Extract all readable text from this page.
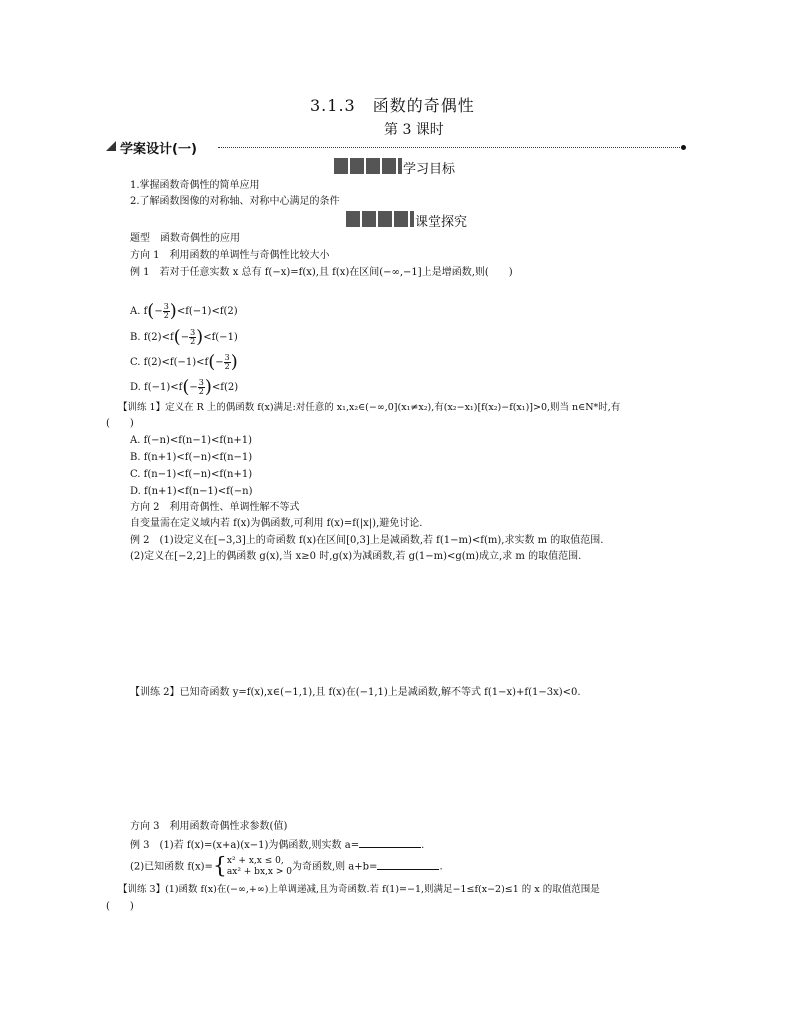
3.1.3　函数的奇偶性
第 3 课时
学案设计(一)
学习目标
1.掌握函数奇偶性的简单应用
2.了解函数图像的对称轴、对称中心满足的条件
课堂探究
题型　函数奇偶性的应用
方向 1　利用函数的单调性与奇偶性比较大小
例 1　若对于任意实数 x 总有 f(−x)=f(x),且 f(x)在区间(−∞,−1]上是增函数,则(　　)
A. $f(- \frac{3}{2} )<f(-1)<f(2)$
B. $f(2)<f(- \frac{3}{2} )<f(-1)$
C. $f(2)<f(-1)<f(- \frac{3}{2}$ )
D. $f(-1)<f(- \frac{3}{2} )<f(2)$
【训练 1】定义在 R 上的偶函数 f(x)满足:对任意的 x₁,x₂∈(−∞,0](x₁≠x₂),有(x₂−x₁)[f(x₂)−f(x₁)]>0,则当 n∈N*时,有
(　　)
A. f(−n)<f(n−1)<f(n+1)
B. f(n+1)<f(−n)<f(n−1)
C. f(n−1)<f(−n)<f(n+1)
D. f(n+1)<f(n−1)<f(−n)
方向 2　利用奇偶性、单调性解不等式
自变量需在定义域内若 f(x)为偶函数,可利用 f(x)=f(|x|),避免讨论.
例 2　(1)设定义在[−3,3]上的奇函数 f(x)在区间[0,3]上是减函数,若 f(1−m)<f(m),求实数 m 的取值范围.
(2)定义在[−2,2]上的偶函数 g(x),当 x≥0 时,g(x)为减函数,若 g(1−m)<g(m)成立,求 m 的取值范围.
【训练 2】已知奇函数 y=f(x),x∈(−1,1),且 f(x)在(−1,1)上是减函数,解不等式 f(1−x)+f(1−3x)<0.
方向 3　利用函数奇偶性求参数(值)
例 3　(1)若 f(x)=(x+a)(x−1)为偶函数,则实数 a=	.
(2)已知函数 f(x)={ x² + x,x ≤ 0,
ax² + bx,x > 0 为奇函数,则 a+b=	.
【训练 3】(1)函数 f(x)在(−∞,+∞)上单调递减,且为奇函数.若 f(1)=−1,则满足−1≤f(x−2)≤1 的 x 的取值范围是
(　　)
